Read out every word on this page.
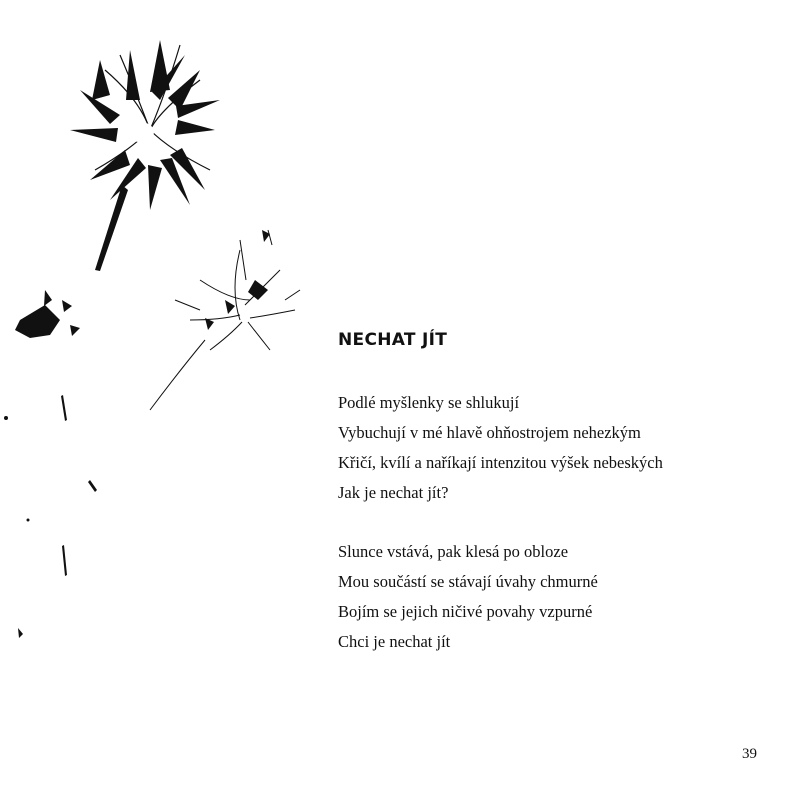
NECHAT JÍT
Podlé myšlenky se shlukují
Vybuchují v mé hlavě ohňostrojem nehezkým
Křičí, kvílí a naříkají intenzitou výšek nebeských
Jak je nechat jít?
Slunce vstává, pak klesá po obloze
Mou součástí se stávají úvahy chmurné
Bojím se jejich ničivé povahy vzpurné
Chci je nechat jít
39
